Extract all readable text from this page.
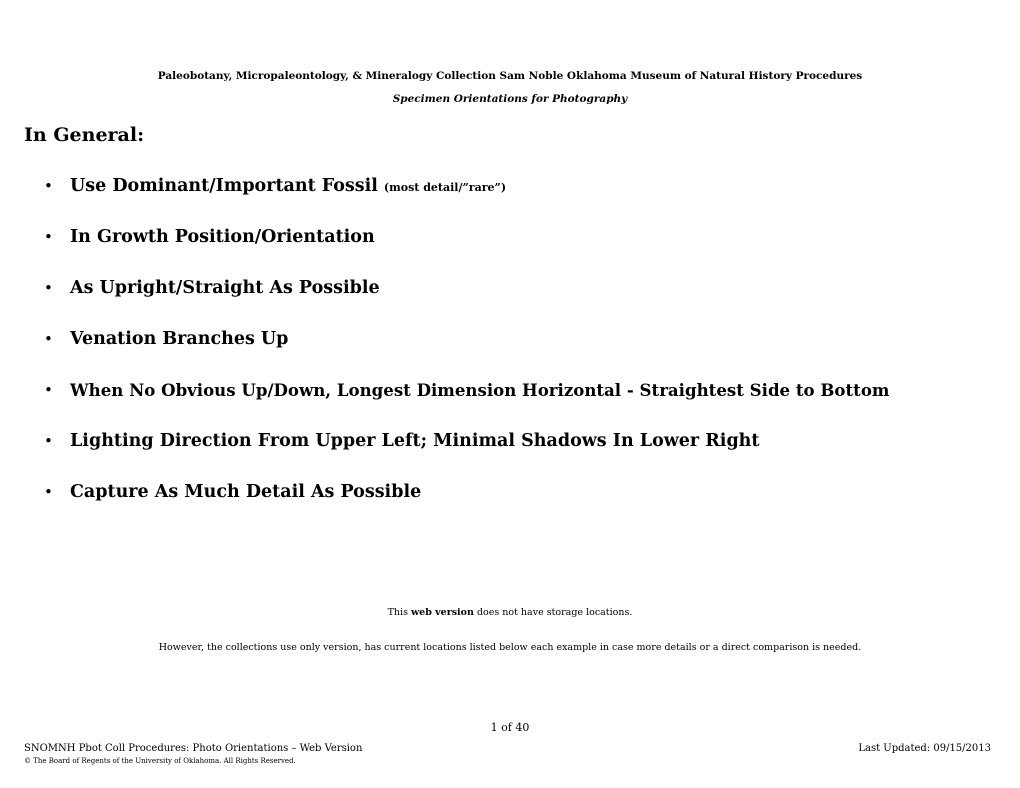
Paleobotany, Micropaleontology, & Mineralogy Collection Sam Noble Oklahoma Museum of Natural History Procedures
Specimen Orientations for Photography
In General:
• Use Dominant/Important Fossil (most detail/”rare”)
• In Growth Position/Orientation
• As Upright/Straight As Possible
• Venation Branches Up
•	When No Obvious Up/Down, Longest Dimension Horizontal - Straightest Side to Bottom
• Lighting Direction From Upper Left; Minimal Shadows In Lower Right
• Capture As Much Detail As Possible
This web version does not have storage locations.
However, the collections use only version, has current locations listed below each example in case more details or a direct comparison is needed.
1 of 40
SNOMNH Pbot Coll Procedures: Photo Orientations – Web Version	Last Updated: 09/15/2013
© The Board of Regents of the University of Oklahoma. All Rights Reserved.
